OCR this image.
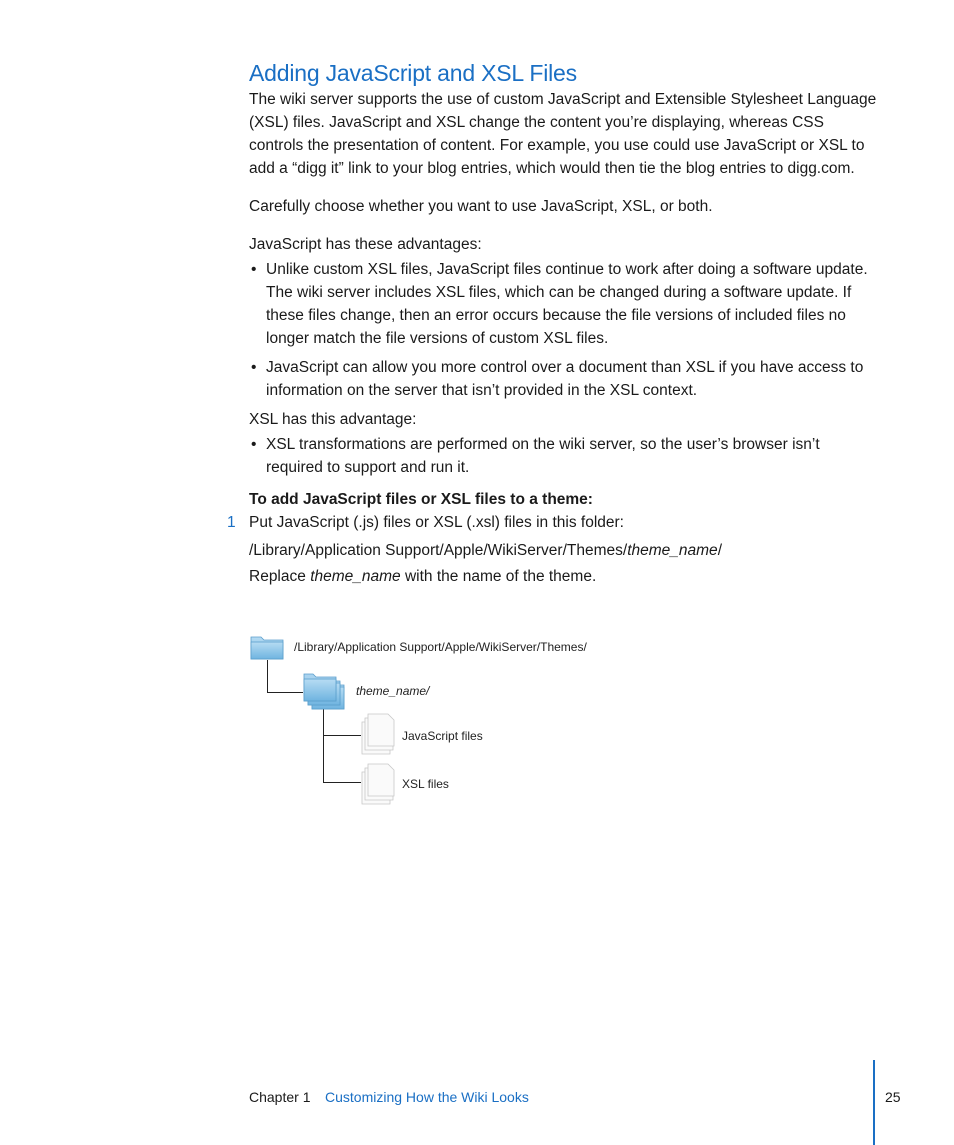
Adding JavaScript and XSL Files

The wiki server supports the use of custom JavaScript and Extensible Stylesheet Language (XSL) files. JavaScript and XSL change the content you’re displaying, whereas CSS controls the presentation of content. For example, you use could use JavaScript or XSL to add a “digg it” link to your blog entries, which would then tie the blog entries to digg.com.

Carefully choose whether you want to use JavaScript, XSL, or both.

JavaScript has these advantages:

• Unlike custom XSL files, JavaScript files continue to work after doing a software update. The wiki server includes XSL files, which can be changed during a software update. If these files change, then an error occurs because the file versions of included files no longer match the file versions of custom XSL files.
• JavaScript can allow you more control over a document than XSL if you have access to information on the server that isn’t provided in the XSL context.

XSL has this advantage:

• XSL transformations are performed on the wiki server, so the user’s browser isn’t required to support and run it.
To add JavaScript files or XSL files to a theme:
1 Put JavaScript (.js) files or XSL (.xsl) files in this folder:
/Library/Application Support/Apple/WikiServer/Themes/theme_name/
Replace theme_name with the name of the theme.
/Library/Application Support/Apple/WikiServer/Themes/
theme_name/
JavaScript files
XSL files
Chapter 1 Customizing How the Wiki Looks	25
